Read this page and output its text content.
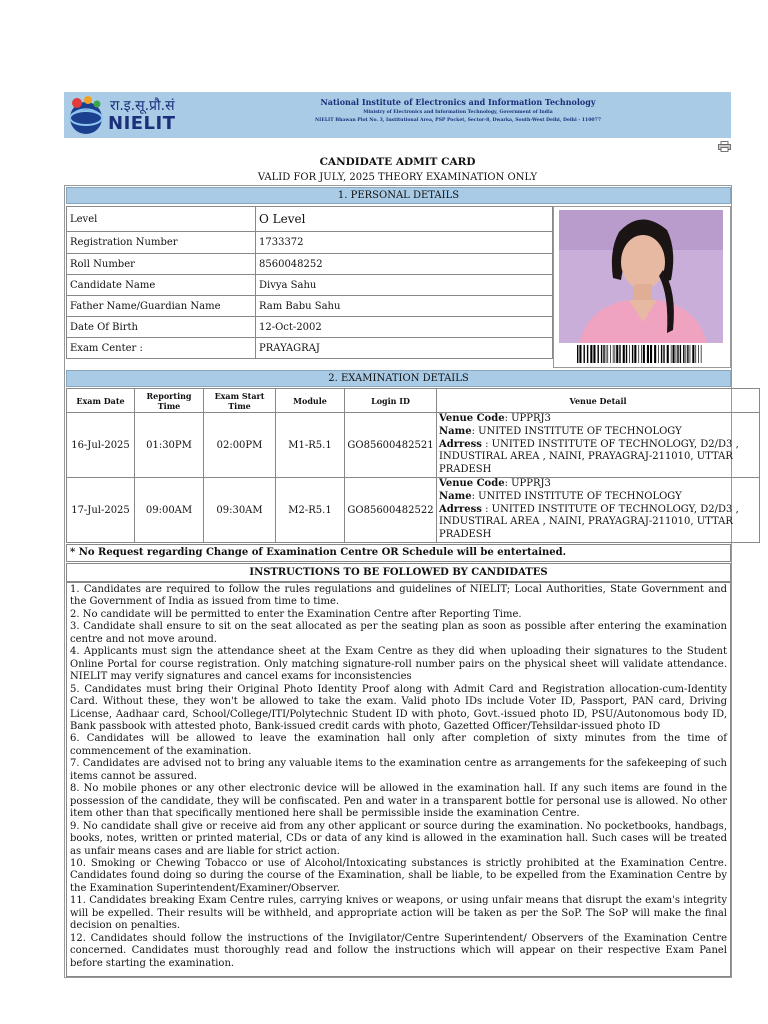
रा.इ.सू.प्रौ.सं
NIELIT
National Institute of Electronics and Information Technology
Ministry of Electronics and Information Technology, Government of India
NIELIT Bhawan Plot No. 3, Institutional Area, PSP Pocket, Sector-8, Dwarka, South-West Delhi, Delhi - 110077
CANDIDATE ADMIT CARD
VALID FOR JULY, 2025 THEORY EXAMINATION ONLY
1. PERSONAL DETAILS
Level	O Level
Registration Number	1733372
Roll Number	8560048252
Candidate Name	Divya Sahu
Father Name/Guardian Name	Ram Babu Sahu
Date Of Birth	12-Oct-2002
Exam Center :	PRAYAGRAJ
2. EXAMINATION DETAILS
Exam Date	Reporting Time	Exam Start Time	Module	Login ID	Venue Detail
16-Jul-2025	01:30PM	02:00PM	M1-R5.1	GO85600482521	Venue Code: UPPRJ3
Name: UNITED INSTITUTE OF TECHNOLOGY
Adrress : UNITED INSTITUTE OF TECHNOLOGY, D2/D3 , INDUSTIRAL AREA , NAINI, PRAYAGRAJ-211010, UTTAR PRADESH
17-Jul-2025	09:00AM	09:30AM	M2-R5.1	GO85600482522	Venue Code: UPPRJ3
Name: UNITED INSTITUTE OF TECHNOLOGY
Adrress : UNITED INSTITUTE OF TECHNOLOGY, D2/D3 , INDUSTIRAL AREA , NAINI, PRAYAGRAJ-211010, UTTAR PRADESH
* No Request regarding Change of Examination Centre OR Schedule will be entertained.
INSTRUCTIONS TO BE FOLLOWED BY CANDIDATES

1. Candidates are required to follow the rules regulations and guidelines of NIELIT; Local Authorities, State Government and the Government of India as issued from time to time.

2. No candidate will be permitted to enter the Examination Centre after Reporting Time.

3. Candidate shall ensure to sit on the seat allocated as per the seating plan as soon as possible after entering the examination centre and not move around.

4. Applicants must sign the attendance sheet at the Exam Centre as they did when uploading their signatures to the Student Online Portal for course registration. Only matching signature-roll number pairs on the physical sheet will validate attendance. NIELIT may verify signatures and cancel exams for inconsistencies

5. Candidates must bring their Original Photo Identity Proof along with Admit Card and Registration allocation-cum-Identity Card. Without these, they won't be allowed to take the exam. Valid photo IDs include Voter ID, Passport, PAN card, Driving License, Aadhaar card, School/College/ITI/Polytechnic Student ID with photo, Govt.-issued photo ID, PSU/Autonomous body ID, Bank passbook with attested photo, Bank-issued credit cards with photo, Gazetted Officer/Tehsildar-issued photo ID

6. Candidates will be allowed to leave the examination hall only after completion of sixty minutes from the time of commencement of the examination.

7. Candidates are advised not to bring any valuable items to the examination centre as arrangements for the safekeeping of such items cannot be assured.

8. No mobile phones or any other electronic device will be allowed in the examination hall. If any such items are found in the possession of the candidate, they will be confiscated. Pen and water in a transparent bottle for personal use is allowed. No other item other than that specifically mentioned here shall be permissible inside the examination Centre.

9. No candidate shall give or receive aid from any other applicant or source during the examination. No pocketbooks, handbags, books, notes, written or printed material, CDs or data of any kind is allowed in the examination hall. Such cases will be treated as unfair means cases and are liable for strict action.

10. Smoking or Chewing Tobacco or use of Alcohol/Intoxicating substances is strictly prohibited at the Examination Centre. Candidates found doing so during the course of the Examination, shall be liable, to be expelled from the Examination Centre by the Examination Superintendent/Examiner/Observer.

11. Candidates breaking Exam Centre rules, carrying knives or weapons, or using unfair means that disrupt the exam's integrity will be expelled. Their results will be withheld, and appropriate action will be taken as per the SoP. The SoP will make the final decision on penalties.

12. Candidates should follow the instructions of the Invigilator/Centre Superintendent/ Observers of the Examination Centre concerned. Candidates must thoroughly read and follow the instructions which will appear on their respective Exam Panel before starting the examination.
